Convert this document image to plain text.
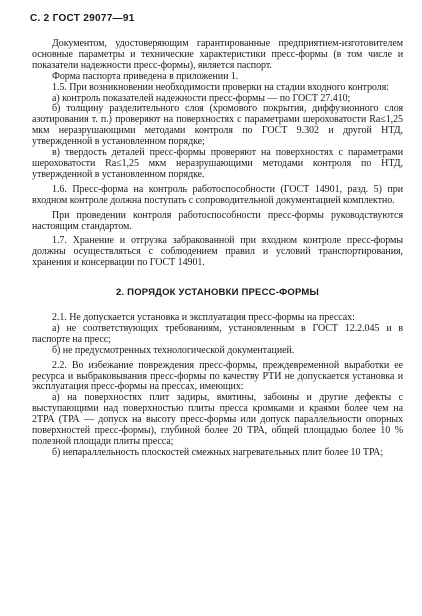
С. 2 ГОСТ 29077—91

Документом, удостоверяющим гарантированные предприятием-изготовителем основные параметры и технические характеристики пресс-формы (в том числе и показатели надежности пресс-формы), является паспорт.

Форма паспорта приведена в приложении 1.

1.5. При возникновении необходимости проверки на стадии входного контроля:

а) контроль показателей надежности пресс-формы — по ГОСТ 27.410;

б) толщину разделительного слоя (хромового покрытия, диффузионного слоя азотирования т. п.) проверяют на поверхностях с параметрами шероховатости Ra≤1,25 мкм неразрушающими методами контроля по ГОСТ 9.302 и другой НТД, утвержденной в установленном порядке;

в) твердость деталей пресс-формы проверяют на поверхностях с параметрами шероховатости Ra≤1,25 мкм неразрушающими методами контроля по НТД, утвержденной в установленном порядке.

1.6. Пресс-форма на контроль работоспособности (ГОСТ 14901, разд. 5) при входном контроле должна поступать с сопроводительной документацией комплектно.

При проведении контроля работоспособности пресс-формы руководствуются настоящим стандартом.

1.7. Хранение и отгрузка забракованной при входном контроле пресс-формы должны осуществляться с соблюдением правил и условий транспортирования, хранения и консервации по ГОСТ 14901.

2. ПОРЯДОК УСТАНОВКИ ПРЕСС-ФОРМЫ

2.1. Не допускается установка и эксплуатация пресс-формы на прессах:

а) не соответствующих требованиям, установленным в ГОСТ 12.2.045 и в паспорте на пресс;

б) не предусмотренных технологической документацией.

2.2. Во избежание повреждения пресс-формы, преждевременной выработки ее ресурса и выбраковывания пресс-формы по качеству РТИ не допускается установка и эксплуатация пресс-формы на прессах, имеющих:

а) на поверхностях плит задиры, вмятины, забоины и другие дефекты с выступающими над поверхностью плиты пресса кромками и краями более чем на 2ТРА (ТРА — допуск на высоту пресс-формы или допуск параллельности опорных поверхностей пресс-формы), глубиной более 20 ТРА, общей площадью более 10 % полезной площади плиты пресса;

б) непараллельность плоскостей смежных нагревательных плит более 10 ТРА;
